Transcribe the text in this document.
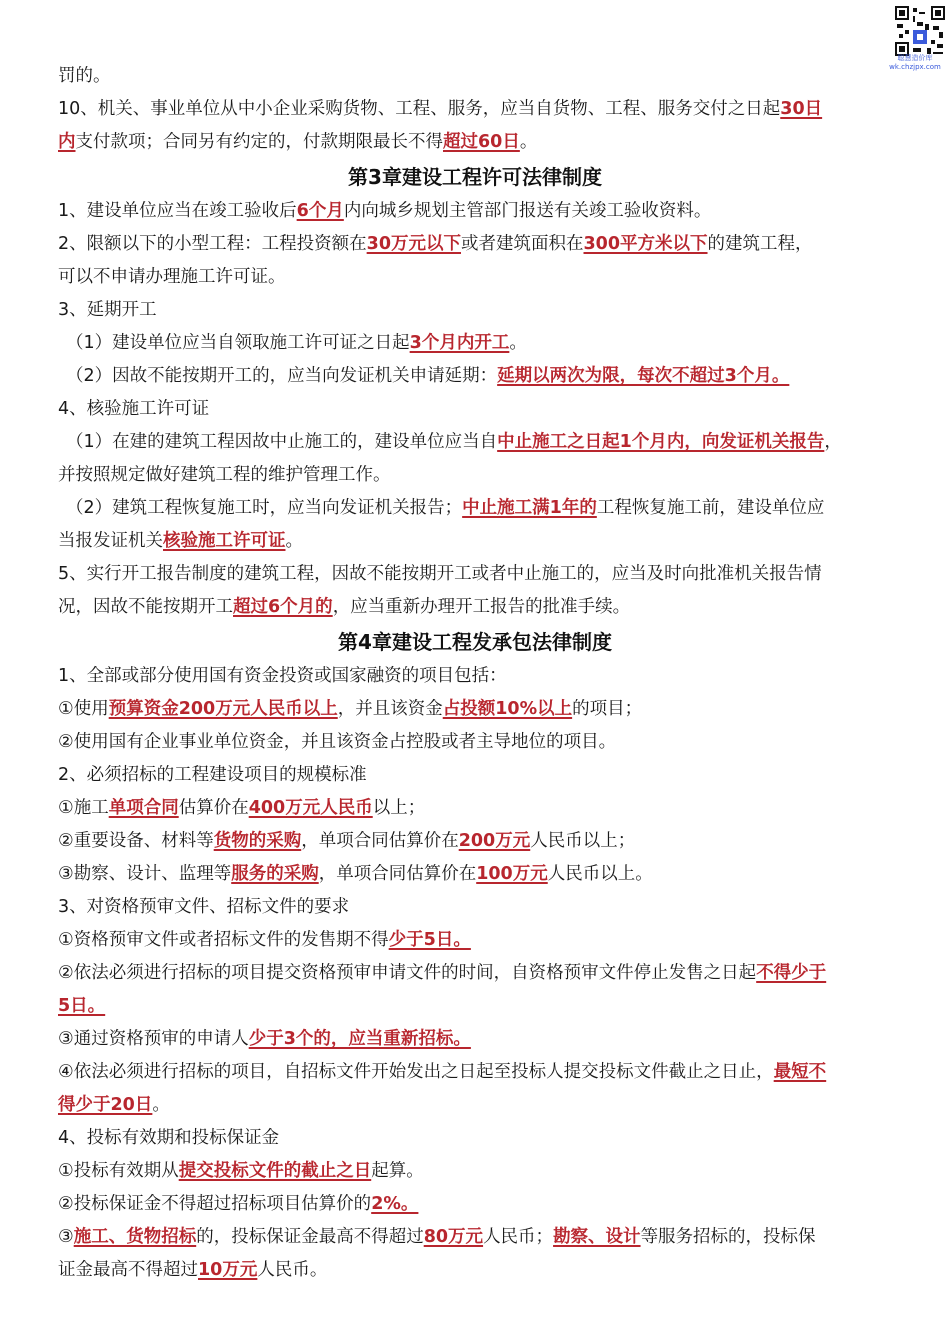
聪慧造价库
wk.chzjpx.com
罚的。
10、机关、事业单位从中小企业采购货物、工程、服务，应当自货物、工程、服务交付之日起30日
内支付款项；合同另有约定的，付款期限最长不得超过60日。
第3章建设工程许可法律制度
1、建设单位应当在竣工验收后6个月内向城乡规划主管部门报送有关竣工验收资料。
2、限额以下的小型工程：工程投资额在30万元以下或者建筑面积在300平方米以下的建筑工程，
可以不申请办理施工许可证。
3、延期开工
（1）建设单位应当自领取施工许可证之日起3个月内开工。
（2）因故不能按期开工的，应当向发证机关申请延期：延期以两次为限，每次不超过3个月。
4、核验施工许可证
（1）在建的建筑工程因故中止施工的，建设单位应当自中止施工之日起1个月内，向发证机关报告，
并按照规定做好建筑工程的维护管理工作。
（2）建筑工程恢复施工时，应当向发证机关报告；中止施工满1年的工程恢复施工前，建设单位应
当报发证机关核验施工许可证。
5、实行开工报告制度的建筑工程，因故不能按期开工或者中止施工的，应当及时向批准机关报告情
况，因故不能按期开工超过6个月的，应当重新办理开工报告的批准手续。
第4章建设工程发承包法律制度
1、全部或部分使用国有资金投资或国家融资的项目包括：
①使用预算资金200万元人民币以上，并且该资金占投额10%以上的项目；
②使用国有企业事业单位资金，并且该资金占控股或者主导地位的项目。
2、必须招标的工程建设项目的规模标准
①施工单项合同估算价在400万元人民币以上；
②重要设备、材料等货物的采购，单项合同估算价在200万元人民币以上；
③勘察、设计、监理等服务的采购，单项合同估算价在100万元人民币以上。
3、对资格预审文件、招标文件的要求
①资格预审文件或者招标文件的发售期不得少于5日。
②依法必须进行招标的项目提交资格预审申请文件的时间，自资格预审文件停止发售之日起不得少于
5日。
③通过资格预审的申请人少于3个的，应当重新招标。
④依法必须进行招标的项目，自招标文件开始发出之日起至投标人提交投标文件截止之日止，最短不
得少于20日。
4、投标有效期和投标保证金
①投标有效期从提交投标文件的截止之日起算。
②投标保证金不得超过招标项目估算价的2%。
③施工、货物招标的，投标保证金最高不得超过80万元人民币；勘察、设计等服务招标的，投标保
证金最高不得超过10万元人民币。
